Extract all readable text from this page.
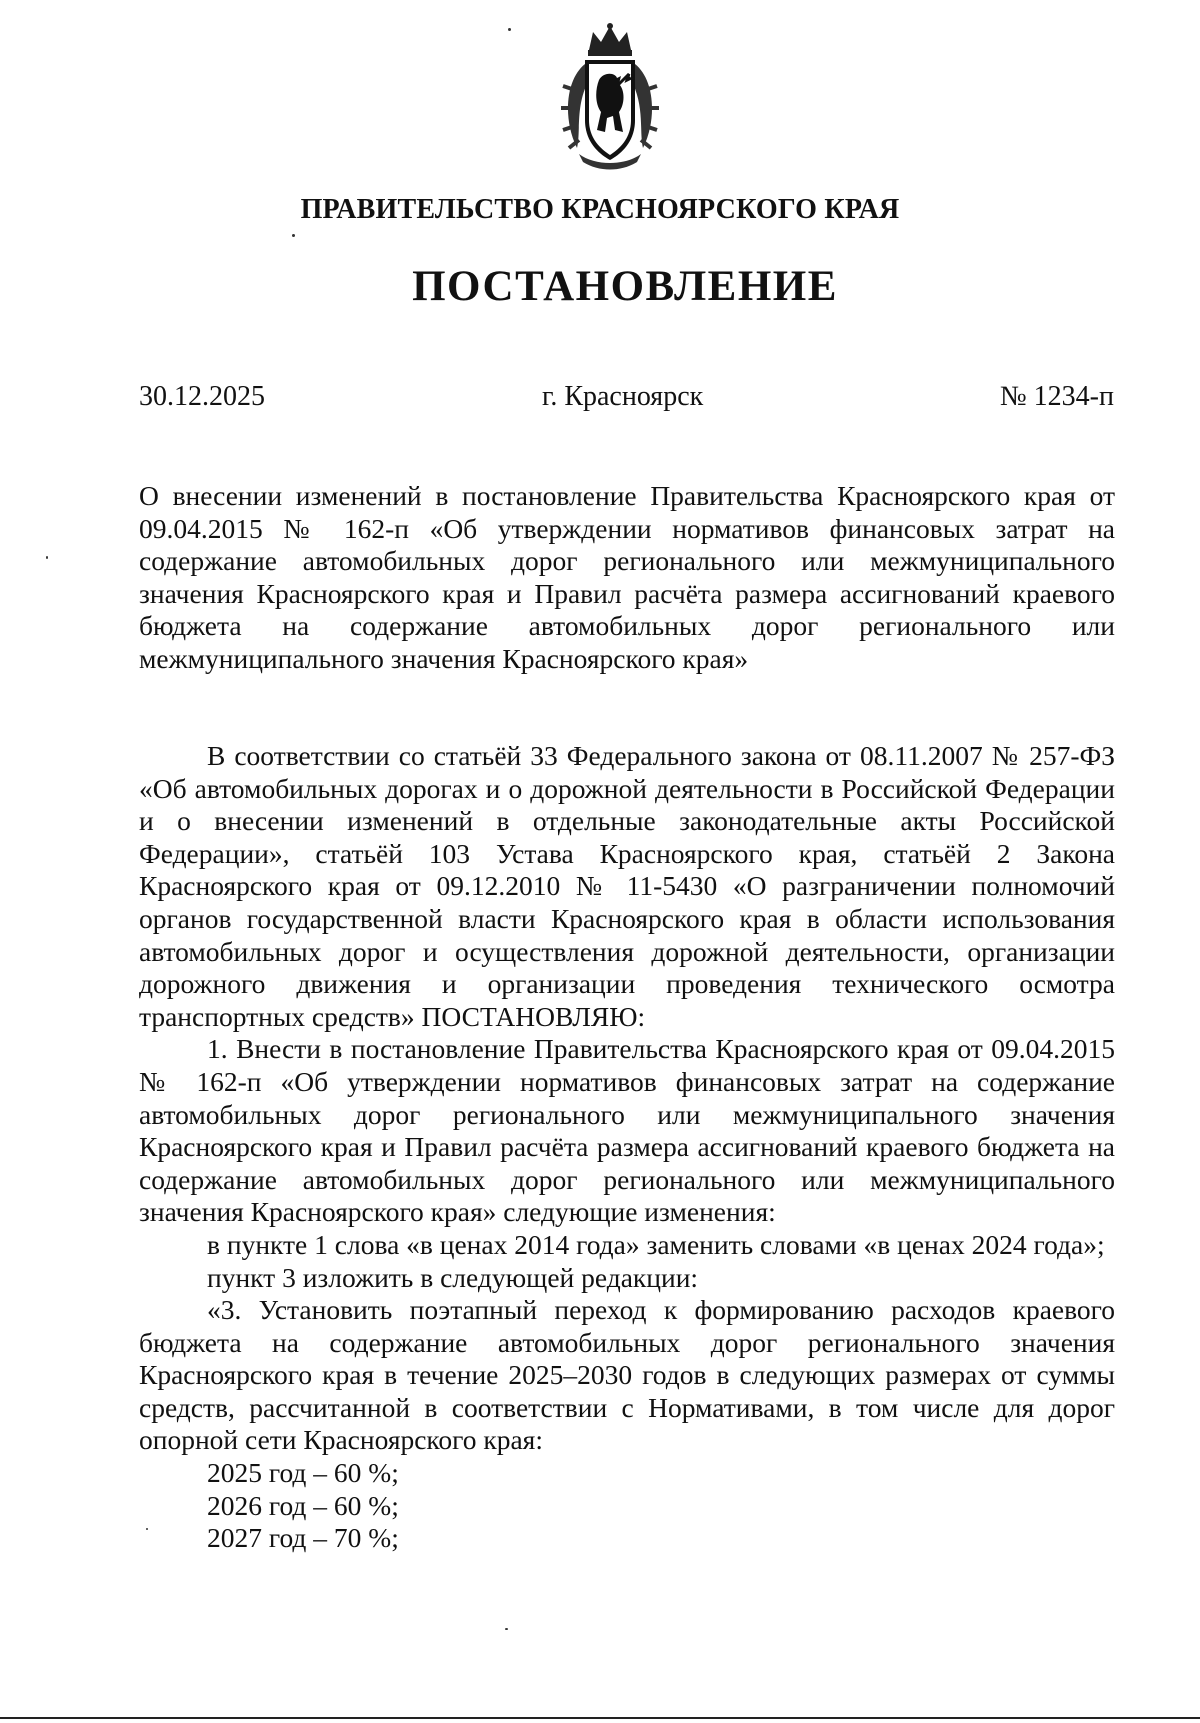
ПРАВИТЕЛЬСТВО КРАСНОЯРСКОГО КРАЯ
ПОСТАНОВЛЕНИЕ
30.12.2025	г. Красноярск	№ 1234-п
О внесении изменений в постановление Правительства Красноярского края от 09.04.2015 № 162-п «Об утверждении нормативов финансовых затрат на содержание автомобильных дорог регионального или межмуниципального значения Красноярского края и Правил расчёта размера ассигнований краевого бюджета на содержание автомобильных дорог регионального или межмуниципального значения Красноярского края»

В соответствии со статьёй 33 Федерального закона от 08.11.2007 № 257-ФЗ «Об автомобильных дорогах и о дорожной деятельности в Российской Федерации и о внесении изменений в отдельные законодательные акты Российской Федерации», статьёй 103 Устава Красноярского края, статьёй 2 Закона Красноярского края от 09.12.2010 № 11-5430 «О разграничении полномочий органов государственной власти Красноярского края в области использования автомобильных дорог и осуществления дорожной деятельности, организации дорожного движения и организации проведения технического осмотра транспортных средств» ПОСТАНОВЛЯЮ:

1. Внести в постановление Правительства Красноярского края от 09.04.2015 № 162-п «Об утверждении нормативов финансовых затрат на содержание автомобильных дорог регионального или межмуниципального значения Красноярского края и Правил расчёта размера ассигнований краевого бюджета на содержание автомобильных дорог регионального или межмуниципального значения Красноярского края» следующие изменения:

в пункте 1 слова «в ценах 2014 года» заменить словами «в ценах 2024 года»;

пункт 3 изложить в следующей редакции:

«3. Установить поэтапный переход к формированию расходов краевого бюджета на содержание автомобильных дорог регионального значения Красноярского края в течение 2025–2030 годов в следующих размерах от суммы средств, рассчитанной в соответствии с Нормативами, в том числе для дорог опорной сети Красноярского края:

2025 год – 60 %;

2026 год – 60 %;

2027 год – 70 %;
